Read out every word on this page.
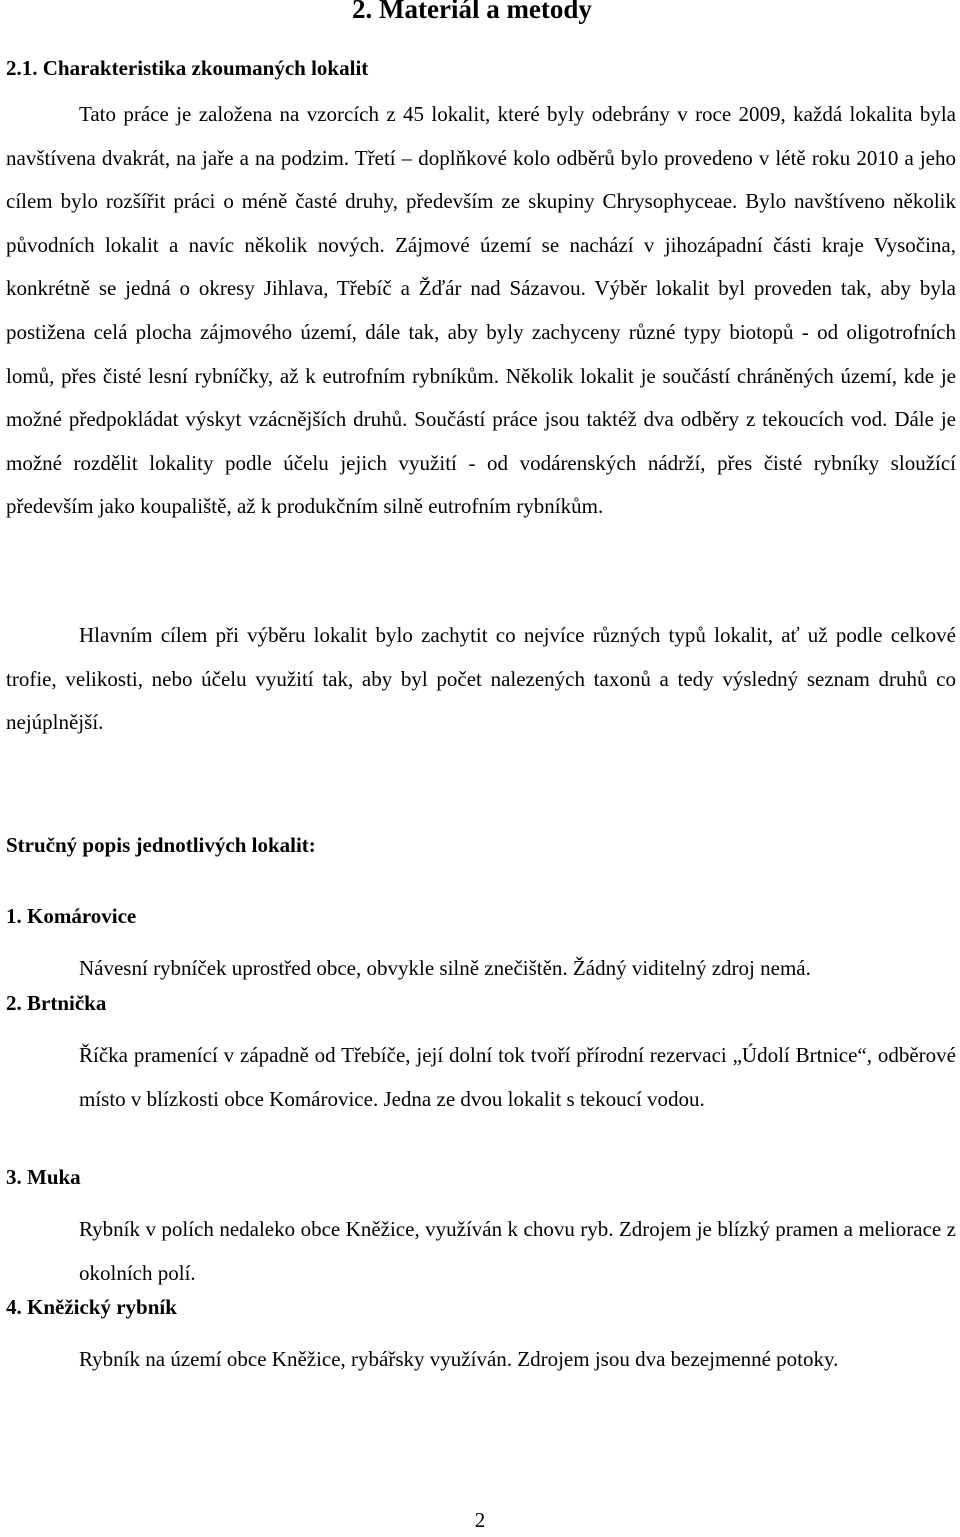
2. Materiál a metody
2.1. Charakteristika zkoumaných lokalit

Tato práce je založena na vzorcích z 45 lokalit, které byly odebrány v roce 2009, každá lokalita byla navštívena dvakrát, na jaře a na podzim. Třetí – doplňkové kolo odběrů bylo provedeno v létě roku 2010 a jeho cílem bylo rozšířit práci o méně časté druhy, především ze skupiny Chrysophyceae. Bylo navštíveno několik původních lokalit a navíc několik nových. Zájmové území se nachází v jihozápadní části kraje Vysočina, konkrétně se jedná o okresy Jihlava, Třebíč a Žďár nad Sázavou. Výběr lokalit byl proveden tak, aby byla postižena celá plocha zájmového území, dále tak, aby byly zachyceny různé typy biotopů - od oligotrofních lomů, přes čisté lesní rybníčky, až k eutrofním rybníkům. Několik lokalit je součástí chráněných území, kde je možné předpokládat výskyt vzácnějších druhů. Součástí práce jsou taktéž dva odběry z tekoucích vod. Dále je možné rozdělit lokality podle účelu jejich využití - od vodárenských nádrží, přes čisté rybníky sloužící především jako koupaliště, až k produkčním silně eutrofním rybníkům.

Hlavním cílem při výběru lokalit bylo zachytit co nejvíce různých typů lokalit, ať už podle celkové trofie, velikosti, nebo účelu využití tak, aby byl počet nalezených taxonů a tedy výsledný seznam druhů co nejúplnější.

Stručný popis jednotlivých lokalit:
1. Komárovice

Návesní rybníček uprostřed obce, obvykle silně znečištěn. Žádný viditelný zdroj nemá.

2. Brtnička

Říčka pramenící v západně od Třebíče, její dolní tok tvoří přírodní rezervaci „Údolí Brtnice“, odběrové místo v blízkosti obce Komárovice. Jedna ze dvou lokalit s tekoucí vodou.

3. Muka

Rybník v polích nedaleko obce Kněžice, využíván k chovu ryb. Zdrojem je blízký pramen a meliorace z okolních polí.

4. Kněžický rybník

Rybník na území obce Kněžice, rybářsky využíván. Zdrojem jsou dva bezejmenné potoky.

2
